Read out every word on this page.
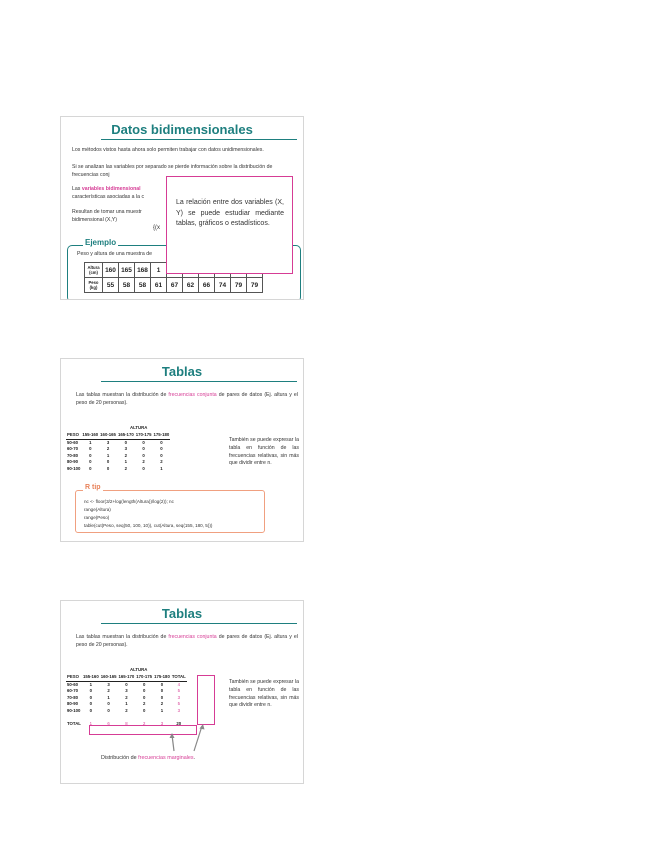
Datos bidimensionales
Los métodos vistos hasta ahora solo permiten trabajar con datos unidimensionales.
Si se analizan las variables por separado se pierde información sobre la distribución de frecuencias conj
Las variables bidimensional características asociadas a la c
Resultan de tomar una muestr bidimensional (X,Y)
{(x
Ejemplo
Peso y altura de una muestra de
Altura (cm)	160	165	168	1						
Peso (kg)	55	58	58	61	67	62	66	74	79	79
La relación entre dos variables (X, Y) se puede estudiar mediante tablas, gráficos o estadísticos.
Tablas
Las tablas muestran la distribución de frecuencias conjunta de pares de datos (Ej. altura y el peso de 20 personas).
ALTURA
PESO	155-160	160-165	165-170	170-175	175-180
50-60	1	3	0	0	0
60-70	0	2	3	0	0
70-80	0	1	2	0	0
80-90	0	0	1	2	2
90-100	0	0	2	0	1
También se puede expresar la tabla en función de las frecuencias relativas, sin más que dividir entre n.
R tip
nc <- floor(3/2+log(length(Altura))/log(2)); nc
range(Altura)
range(Peso)
table(cut(Peso, seq(50, 100, 10)), cut(Altura, seq(155, 180, 5)))
Tablas
Las tablas muestran la distribución de frecuencias conjunta de pares de datos (Ej. altura y el peso de 20 personas).
ALTURA
PESO	155-160	160-165	165-170	170-175	175-180	TOTAL
50-60	1	3	0	0	0	4
60-70	0	2	3	0	0	5
70-80	0	1	2	0	0	3
80-90	0	0	1	2	2	5
90-100	0	0	2	0	1	3

TOTAL	1	6	8	2	3	20
También se puede expresar la tabla en función de las frecuencias relativas, sin más que dividir entre n.
Distribución de frecuencias marginales.
